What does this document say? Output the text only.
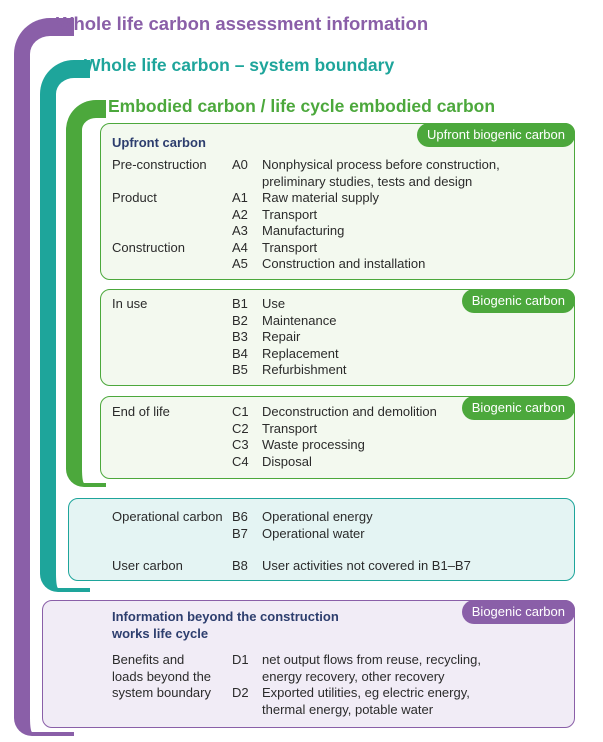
Whole life carbon assessment information
Whole life carbon – system boundary
Embodied carbon / life cycle embodied carbon
Upfront biogenic carbon
Upfront carbon
Pre-construction	A0	Nonphysical process before construction,
preliminary studies, tests and design
Product	A1	Raw material supply
A2	Transport
A3	Manufacturing
Construction	A4	Transport
A5	Construction and installation
Biogenic carbon
In use	B1	Use
B2	Maintenance
B3	Repair
B4	Replacement
B5	Refurbishment
Biogenic carbon
End of life	C1	Deconstruction and demolition
C2	Transport
C3	Waste processing
C4	Disposal
Operational carbon B6	Operational energy
B7	Operational water
User carbon	B8	User activities not covered in B1–B7
Biogenic carbon
Information beyond the construction
works life cycle
Benefits and
loads beyond the
system boundary
D1	net output flows from reuse, recycling,
energy recovery, other recovery
D2	Exported utilities, eg electric energy,
thermal energy, potable water
